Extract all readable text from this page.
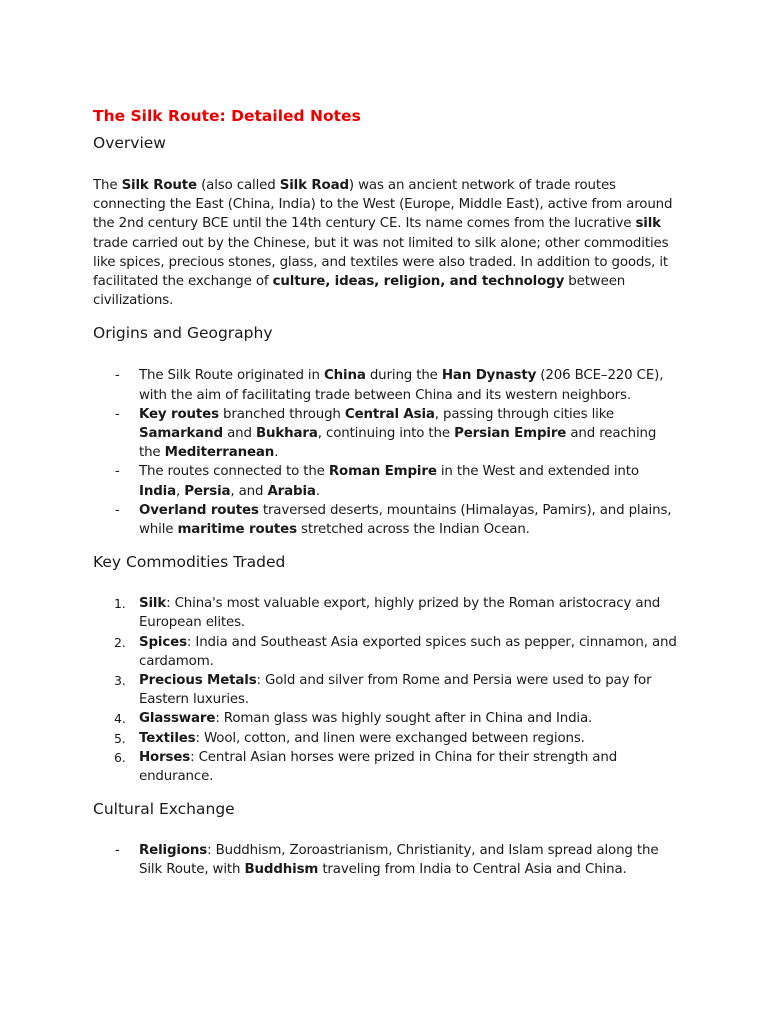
The Silk Route: Detailed Notes
Overview

The Silk Route (also called Silk Road) was an ancient network of trade routes connecting the East (China, India) to the West (Europe, Middle East), active from around the 2nd century BCE until the 14th century CE. Its name comes from the lucrative silk trade carried out by the Chinese, but it was not limited to silk alone; other commodities like spices, precious stones, glass, and textiles were also traded. In addition to goods, it facilitated the exchange of culture, ideas, religion, and technology between civilizations.

Origins and Geography
-	The Silk Route originated in China during the Han Dynasty (206 BCE–220 CE), with the aim of facilitating trade between China and its western neighbors.
-	Key routes branched through Central Asia, passing through cities like Samarkand and Bukhara, continuing into the Persian Empire and reaching the Mediterranean.
-	The routes connected to the Roman Empire in the West and extended into India, Persia, and Arabia.
-	Overland routes traversed deserts, mountains (Himalayas, Pamirs), and plains, while maritime routes stretched across the Indian Ocean.
Key Commodities Traded
1. Silk: China's most valuable export, highly prized by the Roman aristocracy and European elites.
2. Spices: India and Southeast Asia exported spices such as pepper, cinnamon, and cardamom.
3. Precious Metals: Gold and silver from Rome and Persia were used to pay for Eastern luxuries.
4. Glassware: Roman glass was highly sought after in China and India.
5. Textiles: Wool, cotton, and linen were exchanged between regions.
6. Horses: Central Asian horses were prized in China for their strength and endurance.
Cultural Exchange
-	Religions: Buddhism, Zoroastrianism, Christianity, and Islam spread along the Silk Route, with Buddhism traveling from India to Central Asia and China.
